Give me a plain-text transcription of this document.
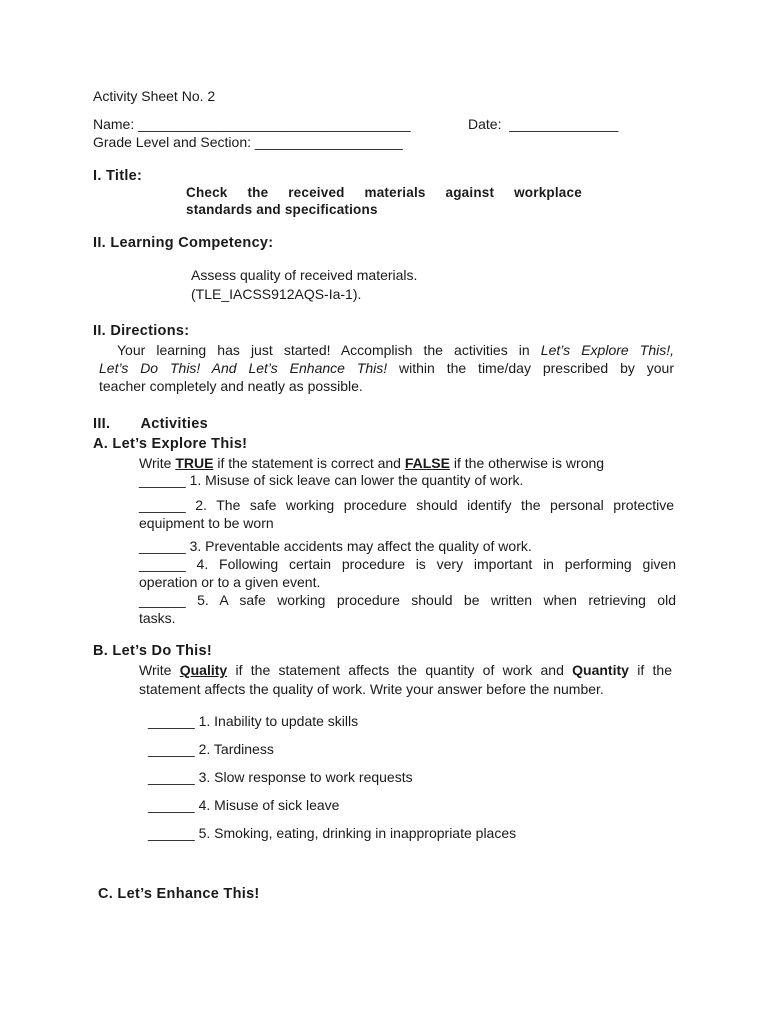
Activity Sheet No. 2
Name: ___________________________________	Date: ______________
Grade Level and Section: ___________________
I. Title:
Check the received materials against workplace
standards and specifications
II. Learning Competency:
Assess quality of received materials.
(TLE_IACSS912AQS-Ia-1).
II. Directions:
Your learning has just started! Accomplish the activities in Let’s Explore This!,
Let’s Do This! And Let’s Enhance This! within the time/day prescribed by your
teacher completely and neatly as possible.
III. Activities
A. Let’s Explore This!
Write TRUE if the statement is correct and FALSE if the otherwise is wrong
______ 1. Misuse of sick leave can lower the quantity of work.
______ 2. The safe working procedure should identify the personal protective
equipment to be worn
______ 3. Preventable accidents may affect the quality of work.
______ 4. Following certain procedure is very important in performing given
operation or to a given event.
______ 5. A safe working procedure should be written when retrieving old
tasks.
B. Let’s Do This!
Write Quality if the statement affects the quantity of work and Quantity if the
statement affects the quality of work. Write your answer before the number.
______ 1. Inability to update skills
______ 2. Tardiness
______ 3. Slow response to work requests
______ 4. Misuse of sick leave
______ 5. Smoking, eating, drinking in inappropriate places
C. Let’s Enhance This!
